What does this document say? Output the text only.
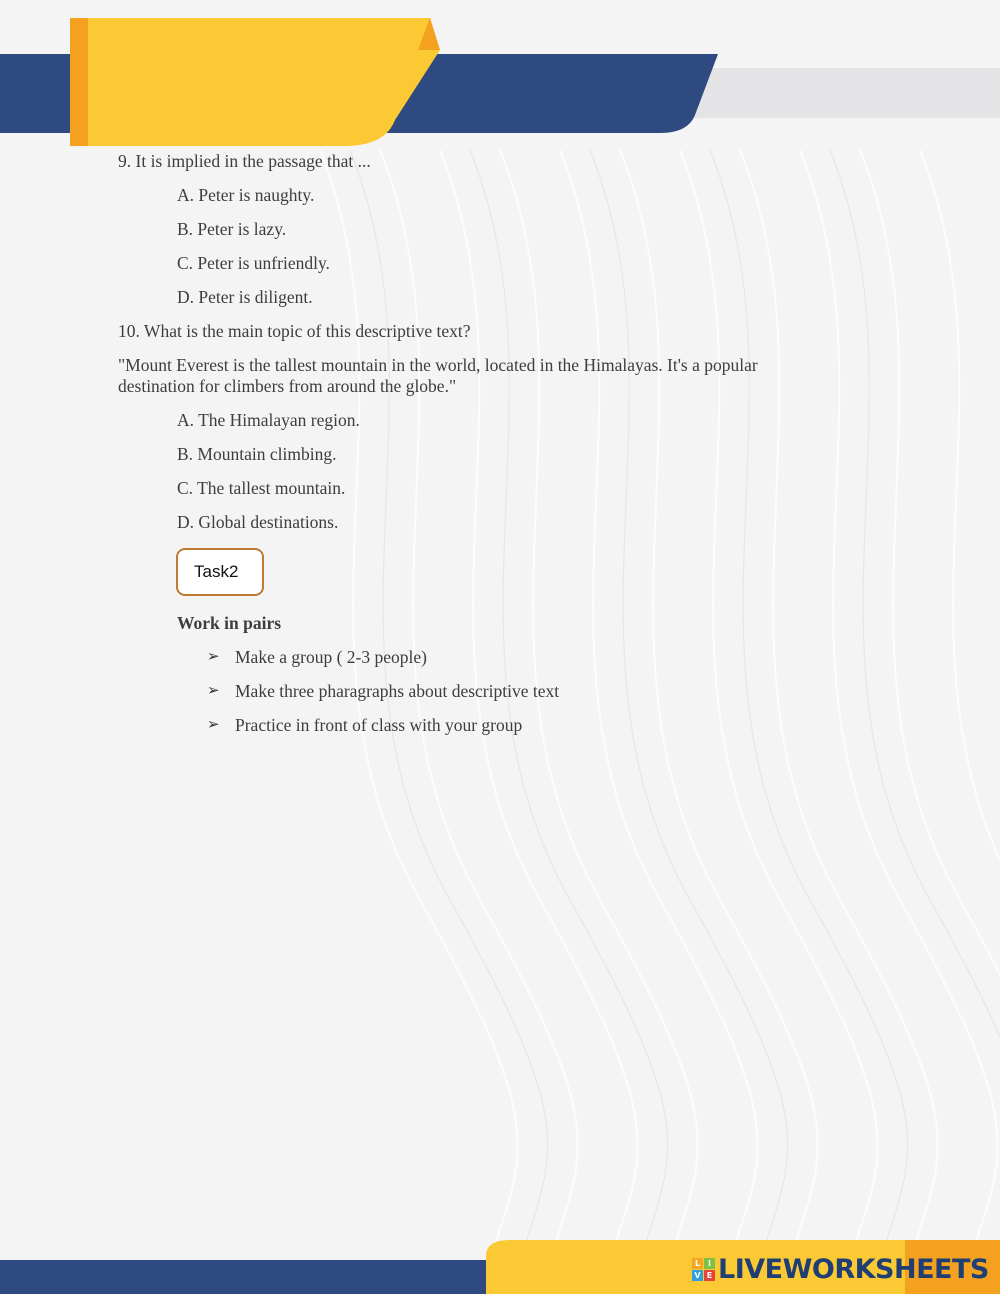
9. It is implied in the passage that ...
A. Peter is naughty.
B. Peter is lazy.
C. Peter is unfriendly.
D. Peter is diligent.
10. What is the main topic of this descriptive text?
"Mount Everest is the tallest mountain in the world, located in the Himalayas. It's a popular destination for climbers from around the globe."
A. The Himalayan region.
B. Mountain climbing.
C. The tallest mountain.
D. Global destinations.
Task2
Work in pairs
➢ Make a group ( 2-3 people)
➢ Make three pharagraphs about descriptive text
➢ Practice in front of class with your group
L I
V E LIVEWORKSHEETS
